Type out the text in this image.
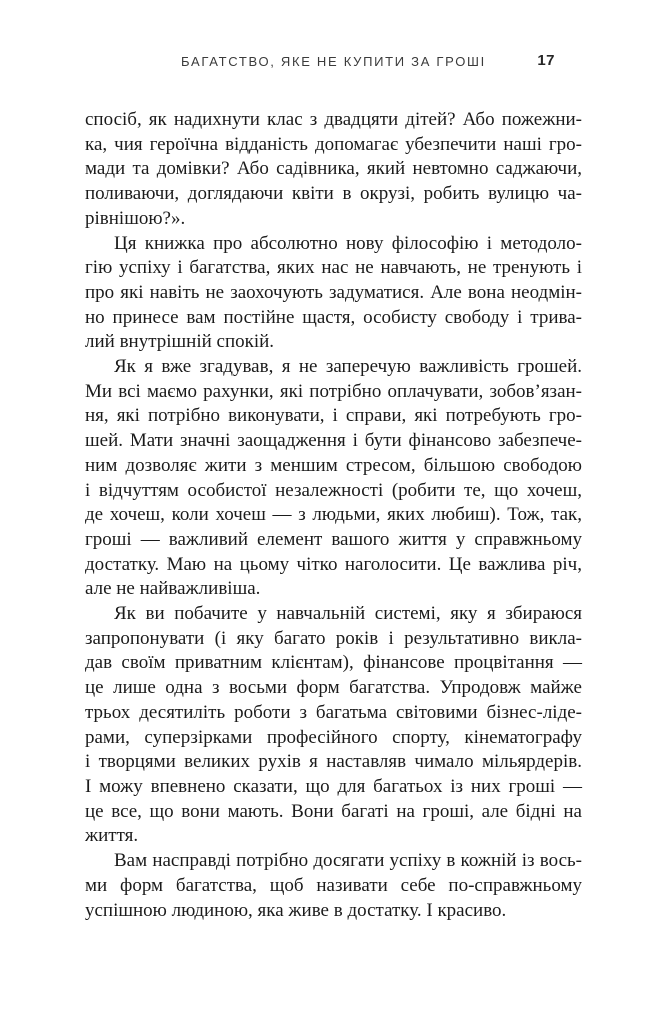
БАГАТСТВО, ЯКЕ НЕ КУПИТИ ЗА ГРОШІ	17
спосіб, як надихнути клас з двадцяти дітей? Або пожежни-
ка, чия героїчна відданість допомагає убезпечити наші гро-
мади та домівки? Або садівника, який невтомно саджаючи,
поливаючи, доглядаючи квіти в окрузі, робить вулицю ча-
рівнішою?».
Ця книжка про абсолютно нову філософію і методоло-
гію успіху і багатства, яких нас не навчають, не тренують і
про які навіть не заохочують задуматися. Але вона неодмін-
но принесе вам постійне щастя, особисту свободу і трива-
лий внутрішній спокій.
Як я вже згадував, я не заперечую важливість грошей.
Ми всі маємо рахунки, які потрібно оплачувати, зобов’язан-
ня, які потрібно виконувати, і справи, які потребують гро-
шей. Мати значні заощадження і бути фінансово забезпече-
ним дозволяє жити з меншим стресом, більшою свободою
і відчуттям особистої незалежності (робити те, що хочеш,
де хочеш, коли хочеш — з людьми, яких любиш). Тож, так,
гроші — важливий елемент вашого життя у справжньому
достатку. Маю на цьому чітко наголосити. Це важлива річ,
але не найважливіша.
Як ви побачите у навчальній системі, яку я збираюся
запропонувати (і яку багато років і результативно викла-
дав своїм приватним клієнтам), фінансове процвітання —
це лише одна з восьми форм багатства. Упродовж майже
трьох десятиліть роботи з багатьма світовими бізнес-ліде-
рами, суперзірками професійного спорту, кінематографу
і творцями великих рухів я наставляв чимало мільярдерів.
І можу впевнено сказати, що для багатьох із них гроші —
це все, що вони мають. Вони багаті на гроші, але бідні на
життя.
Вам насправді потрібно досягати успіху в кожній із вось-
ми форм багатства, щоб називати себе по-справжньому
успішною людиною, яка живе в достатку. І красиво.
